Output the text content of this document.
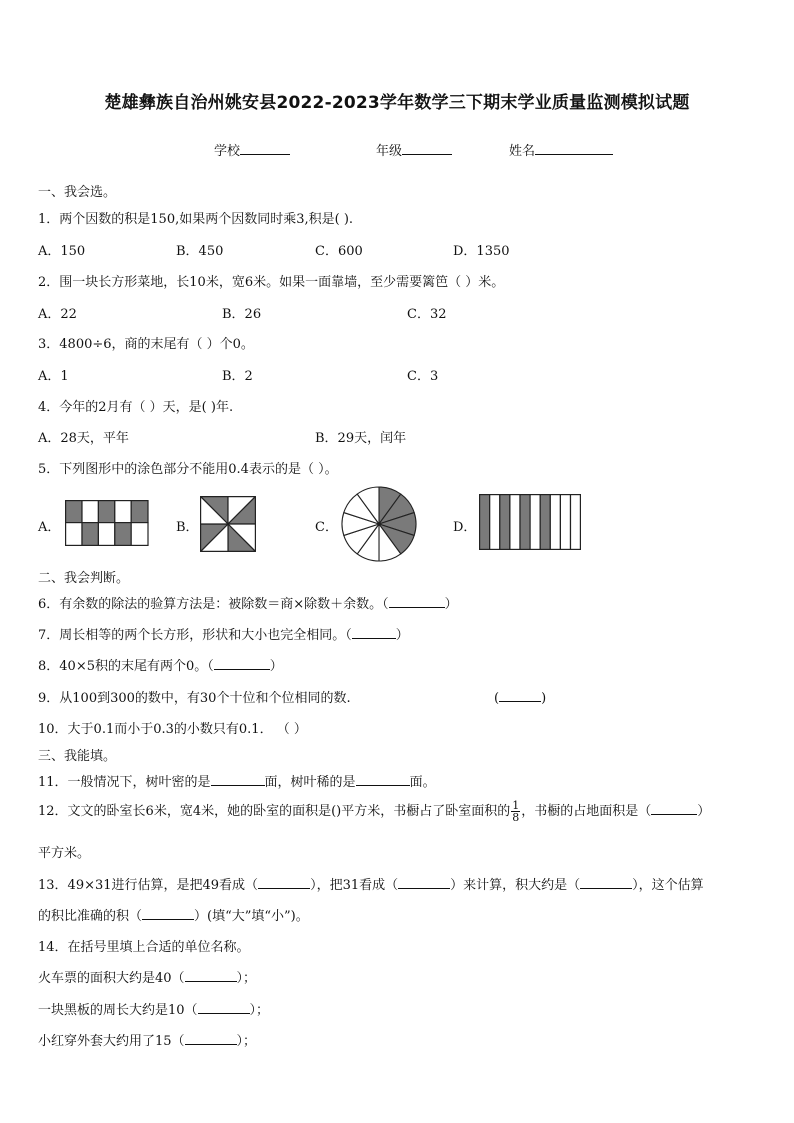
楚雄彝族自治州姚安县2022-2023学年数学三下期末学业质量监测模拟试题
学校	年级	姓名
一、我会选。
1．两个因数的积是150,如果两个因数同时乘3,积是( ).
A．150	B．450	C．600	D．1350
2．围一块长方形菜地，长10米，宽6米。如果一面靠墙，至少需要篱笆（ ）米。
A．22	B．26	C．32
3．4800÷6，商的末尾有（ ）个0。
A．1	B．2	C．3
4．今年的2月有（ ）天，是( )年.
A．28天，平年	B．29天，闰年
5．下列图形中的涂色部分不能用0.4表示的是（ ）。
A．	B．	C．	D．
二、我会判断。
6．有余数的除法的验算方法是：被除数＝商×除数＋余数。（	）
7．周长相等的两个长方形，形状和大小也完全相同。（	）
8．40×5积的末尾有两个0。（	）
9．从100到300的数中，有30个十位和个位相同的数.	(	)
10．大于0.1而小于0.3的小数只有0.1． （ ）
三、我能填。
11．一般情况下，树叶密的是	面，树叶稀的是	面。
12．文文的卧室长6米，宽4米，她的卧室的面积是()平方米，书橱占了卧室面积的 $\frac{1}{8}$ ，书橱的占地面积是（	）
平方米。
13．49×31进行估算，是把49看成（	），把31看成（	）来计算，积大约是（	），这个估算
的积比准确的积（	）(填“大”填“小”)。
14．在括号里填上合适的单位名称。
火车票的面积大约是40（	）；
一块黑板的周长大约是10（	）；
小红穿外套大约用了15（	）；
